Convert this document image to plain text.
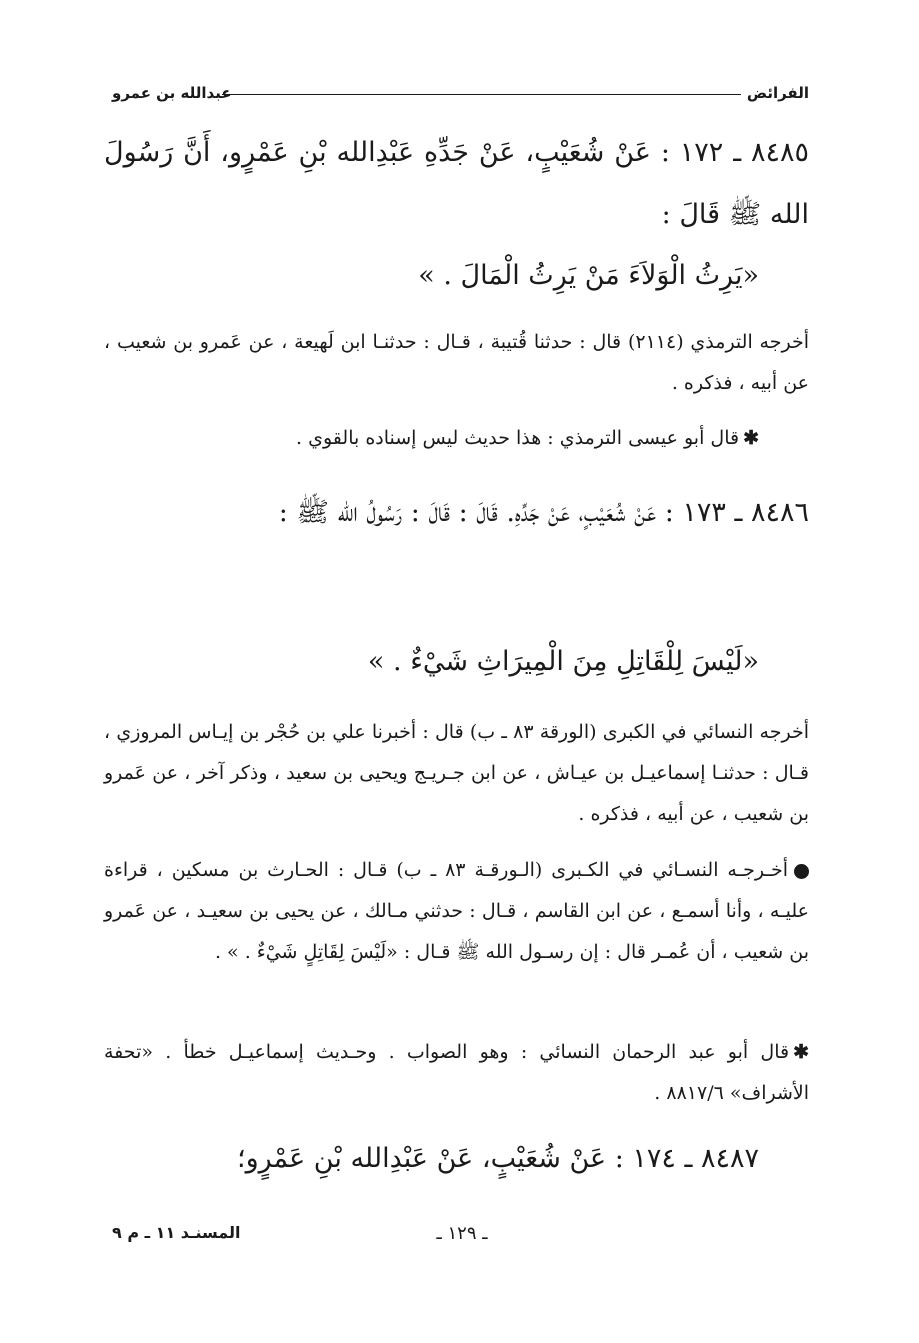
الفرائض
عبدالله بن عمرو
٨٤٨٥ ـ ١٧٢ : عَنْ شُعَيْبٍ، عَنْ جَدِّهِ عَبْدِالله بْنِ عَمْرٍو، أَنَّ رَسُولَ الله ﷺ قَالَ :
«يَرِثُ الْوَلاَءَ مَنْ يَرِثُ الْمَالَ . »
أخرجه الترمذي (٢١١٤) قال : حدثنا قُتيبة ، قـال : حدثنـا ابن لَهيعة ، عن عَمرو بن شعيب ، عن أبيه ، فذكره .
✱قال أبو عيسى الترمذي : هذا حديث ليس إسناده بالقوي .
٨٤٨٦ ـ ١٧٣ : عَنْ شُعَيْبٍ، عَنْ جَدِّهِ. قَالَ : قَالَ : رَسُولُ الله ﷺ :
«لَيْسَ لِلْقَاتِلِ مِنَ الْمِيرَاثِ شَيْءٌ . »
أخرجه النسائي في الكبرى (الورقة ٨٣ ـ ب) قال : أخبرنا علي بن حُجْر بن إيـاس المروزي ، قـال : حدثنـا إسماعيـل بن عيـاش ، عن ابن جـريـج ويحيى بن سعيد ، وذكر آخر ، عن عَمرو بن شعيب ، عن أبيه ، فذكره .
أخـرجـه النسـائي في الكـبرى (الـورقـة ٨٣ ـ ب) قـال : الحـارث بن مسكين ، قراءة عليـه ، وأنا أسمـع ، عن ابن القاسم ، قـال : حدثني مـالك ، عن يحيى بن سعيـد ، عن عَمرو بن شعيب ، أن عُمـر قال : إن رسـول الله ﷺ قـال : «لَيْسَ لِقَاتِلٍ شَيْءٌ . » .
✱قال أبو عبد الرحمان النسائي : وهو الصواب . وحـديث إسماعيـل خطأ . «تحفة الأشراف» ٨٨١٧/٦ .
٨٤٨٧ ـ ١٧٤ : عَنْ شُعَيْبٍ، عَنْ عَبْدِالله بْنِ عَمْرٍو؛
ـ ١٢٩ ـ
المسنـد ١١ ـ م ٩
